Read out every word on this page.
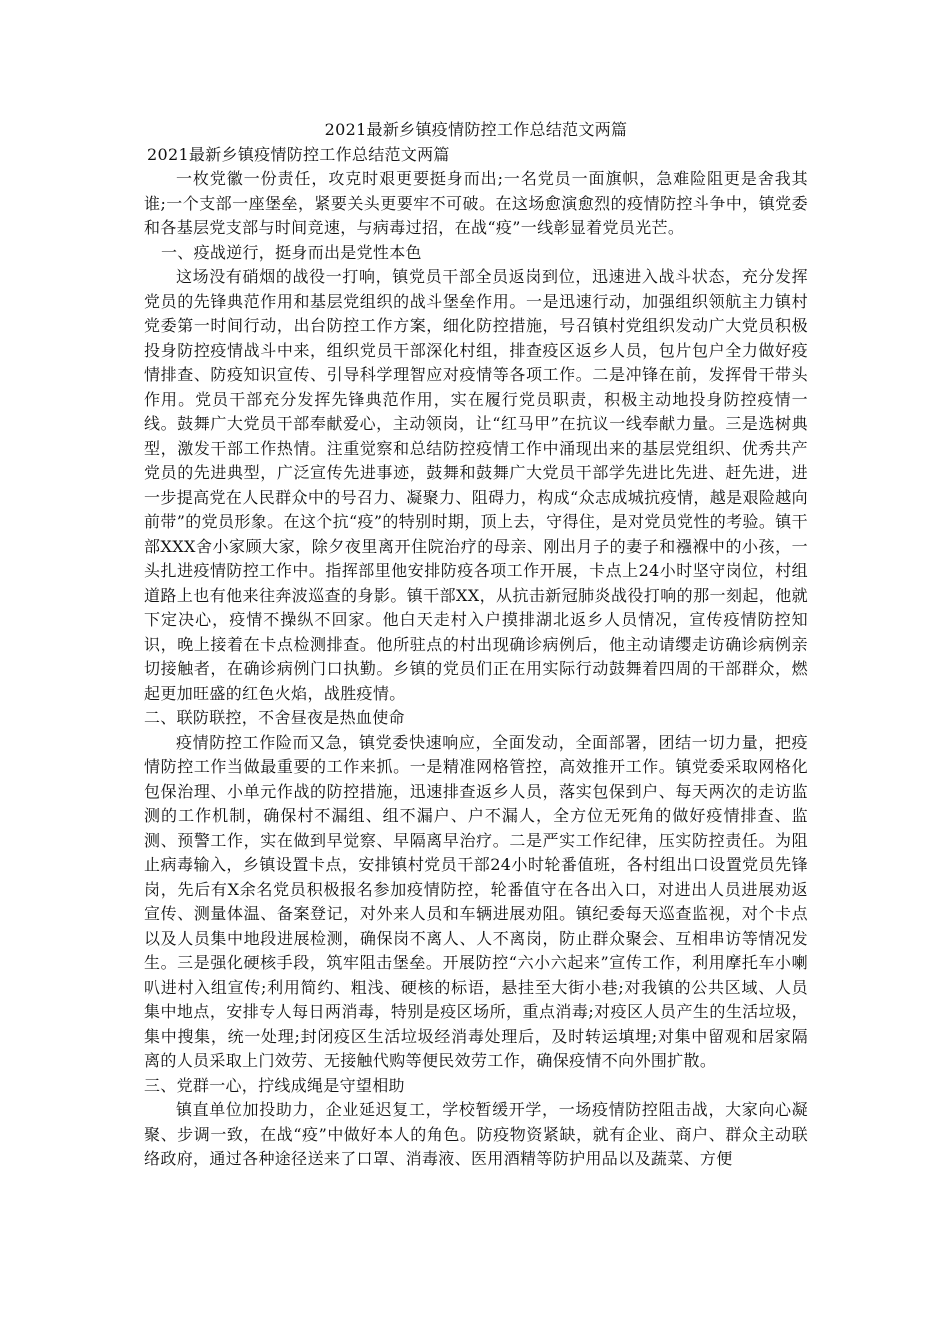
2021最新乡镇疫情防控工作总结范文两篇

2021最新乡镇疫情防控工作总结范文两篇

一枚党徽一份责任，攻克时艰更要挺身而出;一名党员一面旗帜，急难险阻更是舍我其谁;一个支部一座堡垒，紧要关头更要牢不可破。在这场愈演愈烈的疫情防控斗争中，镇党委和各基层党支部与时间竞速，与病毒过招，在战“疫”一线彰显着党员光芒。

一、疫战逆行，挺身而出是党性本色

这场没有硝烟的战役一打响，镇党员干部全员返岗到位，迅速进入战斗状态，充分发挥党员的先锋典范作用和基层党组织的战斗堡垒作用。一是迅速行动，加强组织领航主力镇村党委第一时间行动，出台防控工作方案，细化防控措施，号召镇村党组织发动广大党员积极投身防控疫情战斗中来，组织党员干部深化村组，排查疫区返乡人员，包片包户全力做好疫情排查、防疫知识宣传、引导科学理智应对疫情等各项工作。二是冲锋在前，发挥骨干带头作用。党员干部充分发挥先锋典范作用，实在履行党员职责，积极主动地投身防控疫情一线。鼓舞广大党员干部奉献爱心，主动领岗，让“红马甲”在抗议一线奉献力量。三是选树典型，激发干部工作热情。注重觉察和总结防控疫情工作中涌现出来的基层党组织、优秀共产党员的先进典型，广泛宣传先进事迹，鼓舞和鼓舞广大党员干部学先进比先进、赶先进，进一步提高党在人民群众中的号召力、凝聚力、阻碍力，构成“众志成城抗疫情，越是艰险越向前带”的党员形象。在这个抗“疫”的特别时期，顶上去，守得住，是对党员党性的考验。镇干部XXX舍小家顾大家，除夕夜里离开住院治疗的母亲、刚出月子的妻子和襁褓中的小孩，一头扎进疫情防控工作中。指挥部里他安排防疫各项工作开展，卡点上24小时坚守岗位，村组道路上也有他来往奔波巡查的身影。镇干部XX，从抗击新冠肺炎战役打响的那一刻起，他就下定决心，疫情不操纵不回家。他白天走村入户摸排湖北返乡人员情况，宣传疫情防控知识，晚上接着在卡点检测排查。他所驻点的村出现确诊病例后，他主动请缨走访确诊病例亲切接触者，在确诊病例门口执勤。乡镇的党员们正在用实际行动鼓舞着四周的干部群众，燃起更加旺盛的红色火焰，战胜疫情。

二、联防联控，不舍昼夜是热血使命

疫情防控工作险而又急，镇党委快速响应，全面发动，全面部署，团结一切力量，把疫情防控工作当做最重要的工作来抓。一是精准网格管控，高效推开工作。镇党委采取网格化包保治理、小单元作战的防控措施，迅速排查返乡人员，落实包保到户、每天两次的走访监测的工作机制，确保村不漏组、组不漏户、户不漏人，全方位无死角的做好疫情排查、监测、预警工作，实在做到早觉察、早隔离早治疗。二是严实工作纪律，压实防控责任。为阻止病毒输入，乡镇设置卡点，安排镇村党员干部24小时轮番值班，各村组出口设置党员先锋岗，先后有X余名党员积极报名参加疫情防控，轮番值守在各出入口，对进出人员进展劝返宣传、测量体温、备案登记，对外来人员和车辆进展劝阻。镇纪委每天巡查监视，对个卡点以及人员集中地段进展检测，确保岗不离人、人不离岗，防止群众聚会、互相串访等情况发生。三是强化硬核手段，筑牢阻击堡垒。开展防控“六小六起来”宣传工作，利用摩托车小喇叭进村入组宣传;利用简约、粗浅、硬核的标语，悬挂至大街小巷;对我镇的公共区域、人员集中地点，安排专人每日两消毒，特别是疫区场所，重点消毒;对疫区人员产生的生活垃圾，集中搜集，统一处理;封闭疫区生活垃圾经消毒处理后，及时转运填埋;对集中留观和居家隔离的人员采取上门效劳、无接触代购等便民效劳工作，确保疫情不向外围扩散。

三、党群一心，拧线成绳是守望相助

镇直单位加投助力，企业延迟复工，学校暂缓开学，一场疫情防控阻击战，大家向心凝聚、步调一致，在战“疫”中做好本人的角色。防疫物资紧缺，就有企业、商户、群众主动联络政府，通过各种途径送来了口罩、消毒液、医用酒精等防护用品以及蔬菜、方便
